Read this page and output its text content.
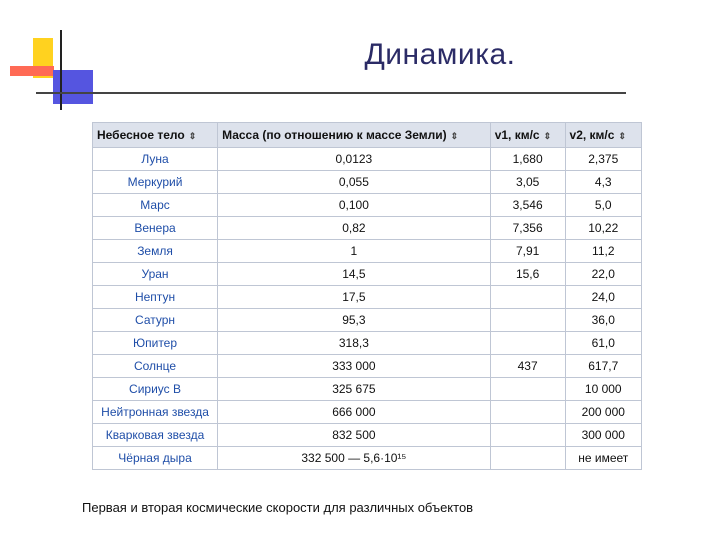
Динамика.
Небесное тело ⇕	Масса (по отношению к массе Земли) ⇕	v1, км/с ⇕	v2, км/с ⇕
Луна	0,0123	1,680	2,375
Меркурий	0,055	3,05	4,3
Марс	0,100	3,546	5,0
Венера	0,82	7,356	10,22
Земля	1	7,91	11,2
Уран	14,5	15,6	22,0
Нептун	17,5		24,0
Сатурн	95,3		36,0
Юпитер	318,3		61,0
Солнце	333 000	437	617,7
Сириус В	325 675		10 000
Нейтронная звезда	666 000		200 000
Кварковая звезда	832 500		300 000
Чёрная дыра	332 500 — 5,6·10¹⁵		не имеет
Первая и вторая космические скорости для различных объектов
